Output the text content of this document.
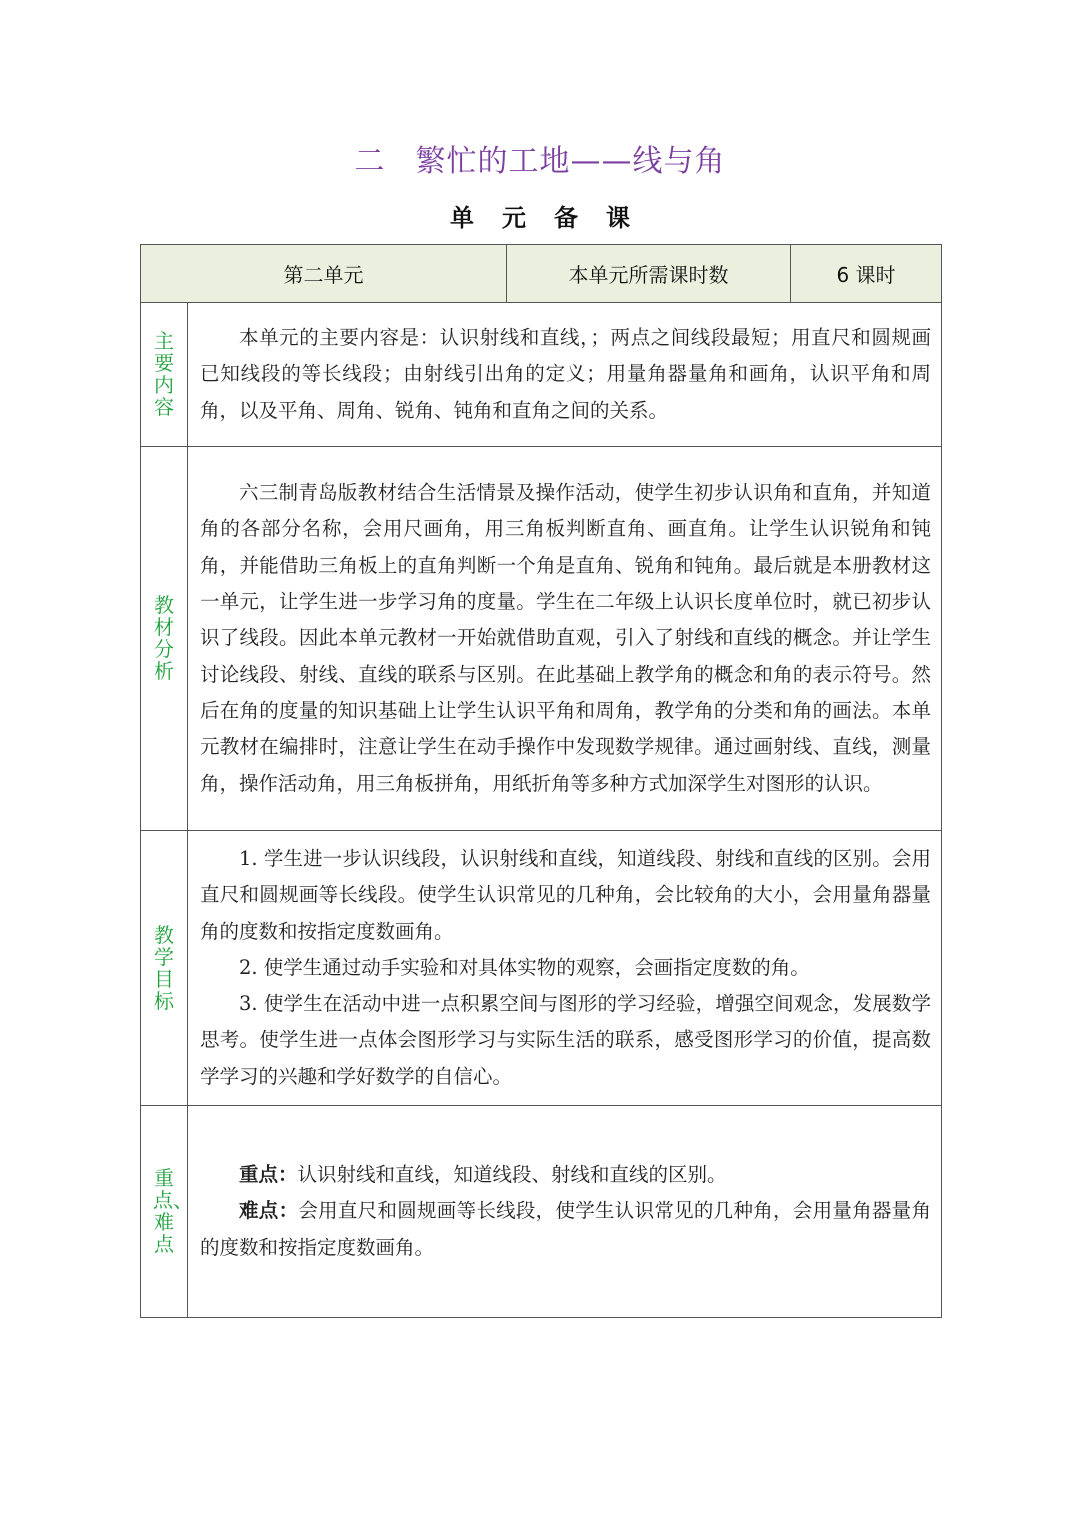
二 繁忙的工地——线与角
单元备课
第二单元		本单元所需课时数	6 课时
主要内容	本单元的主要内容是：认识射线和直线，；两点之间线段最短；用直尺和圆规画已知线段的等长线段；由射线引出角的定义；用量角器量角和画角，认识平角和周角，以及平角、周角、锐角、钝角和直角之间的关系。		

教材分析	六三制青岛版教材结合生活情景及操作活动，使学生初步认识角和直角，并知道角的各部分名称，会用尺画角，用三角板判断直角、画直角。让学生认识锐角和钝角，并能借助三角板上的直角判断一个角是直角、锐角和钝角。最后就是本册教材这一单元，让学生进一步学习角的度量。学生在二年级上认识长度单位时，就已初步认识了线段。因此本单元教材一开始就借助直观，引入了射线和直线的概念。并让学生讨论线段、射线、直线的联系与区别。在此基础上教学角的概念和角的表示符号。然后在角的度量的知识基础上让学生认识平角和周角，教学角的分类和角的画法。本单元教材在编排时，注意让学生在动手操作中发现数学规律。通过画射线、直线，测量角，操作活动角，用三角板拼角，用纸折角等多种方式加深学生对图形的认识。		

教学目标	1. 学生进一步认识线段，认识射线和直线，知道线段、射线和直线的区别。会用直尺和圆规画等长线段。使学生认识常见的几种角，会比较角的大小，会用量角器量角的度数和按指定度数画角。

2. 使学生通过动手实验和对具体实物的观察，会画指定度数的角。

3. 使学生在活动中进一点积累空间与图形的学习经验，增强空间观念，发展数学思考。使学生进一点体会图形学习与实际生活的联系，感受图形学习的价值，提高数学学习的兴趣和学好数学的自信心。		

重点、难点	重点：认识射线和直线，知道线段、射线和直线的区别。

难点：会用直尺和圆规画等长线段，使学生认识常见的几种角，会用量角器量角的度数和按指定度数画角。		
